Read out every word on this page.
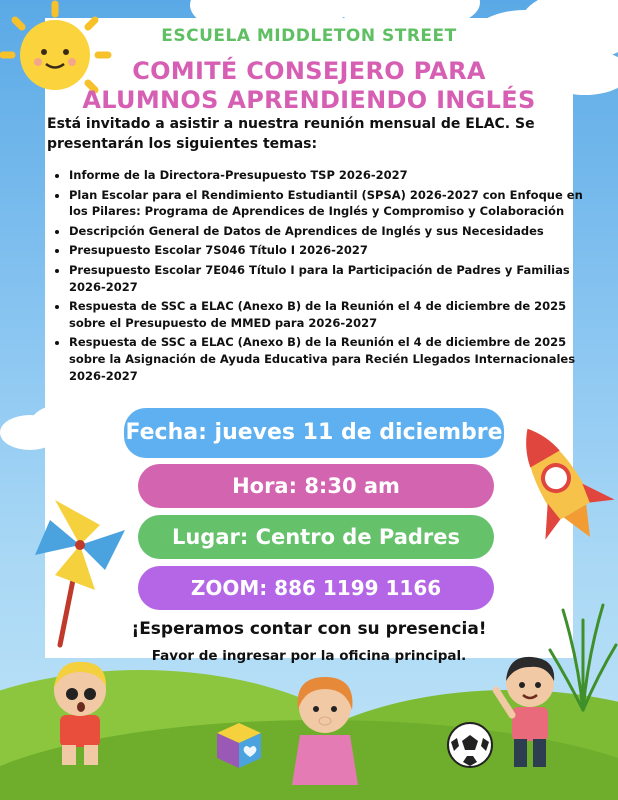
ESCUELA MIDDLETON STREET
COMITÉ CONSEJERO PARA
ALUMNOS APRENDIENDO INGLÉS
Está invitado a asistir a nuestra reunión mensual de ELAC. Se
presentarán los siguientes temas:
• Informe de la Directora-Presupuesto TSP 2026-2027
• Plan Escolar para el Rendimiento Estudiantil (SPSA) 2026-2027 con Enfoque en los Pilares: Programa de Aprendices de Inglés y Compromiso y Colaboración
• Descripción General de Datos de Aprendices de Inglés y sus Necesidades
• Presupuesto Escolar 7S046 Título I 2026-2027
• Presupuesto Escolar 7E046 Título I para la Participación de Padres y Familias 2026-2027
• Respuesta de SSC a ELAC (Anexo B) de la Reunión el 4 de diciembre de 2025 sobre el Presupuesto de MMED para 2026-2027
• Respuesta de SSC a ELAC (Anexo B) de la Reunión el 4 de diciembre de 2025 sobre la Asignación de Ayuda Educativa para Recién Llegados Internacionales 2026-2027
Fecha: jueves 11 de diciembre
Hora: 8:30 am
Lugar: Centro de Padres
ZOOM: 886 1199 1166
¡Esperamos contar con su presencia!
Favor de ingresar por la oficina principal.
